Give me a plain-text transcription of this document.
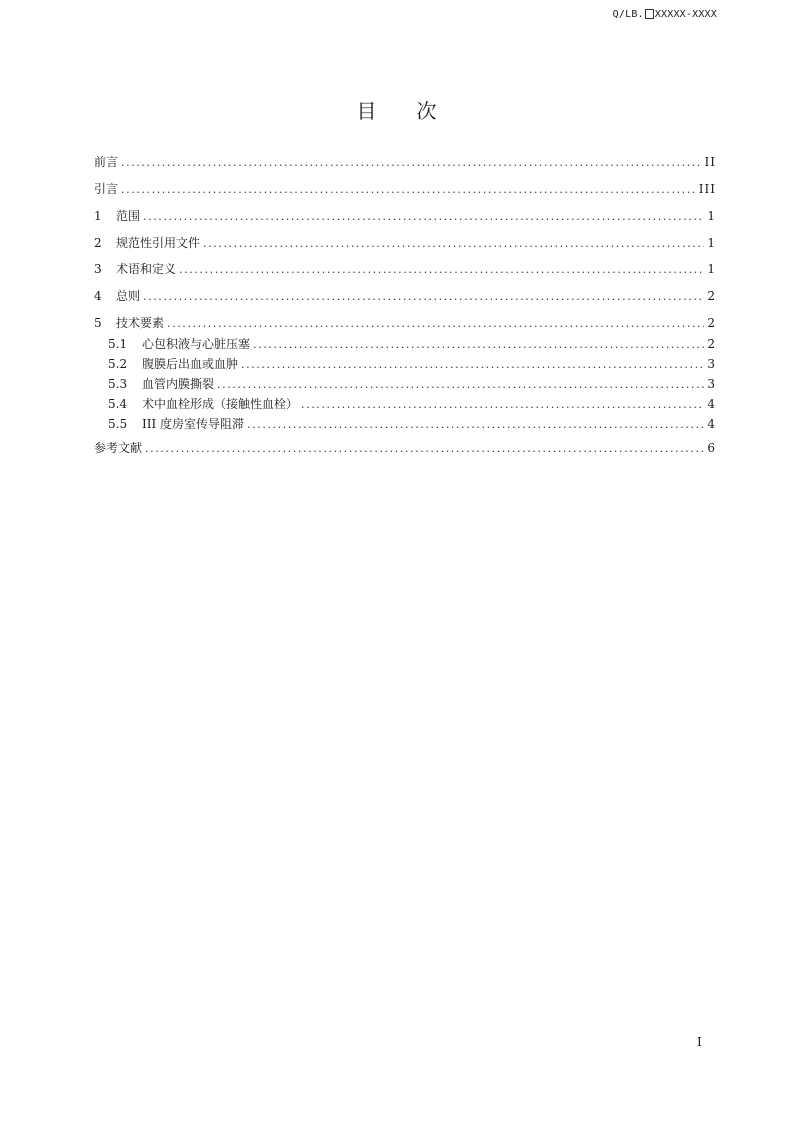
Q/LB. XXXXX-XXXX
目 次
前言 .....	II
引言 .....	III
1	范围 .....	1
2	规范性引用文件 .....	1
3	术语和定义 .....	1
4	总则 .....	2
5	技术要素 .....	2
5.1	心包积液与心脏压塞 .....	2
5.2	腹膜后出血或血肿 .....	3
5.3	血管内膜撕裂 .....	3
5.4	术中血栓形成（接触性血栓） .....	4
5.5	III 度房室传导阻滞 .....	4
参考文献 .....	6
I
